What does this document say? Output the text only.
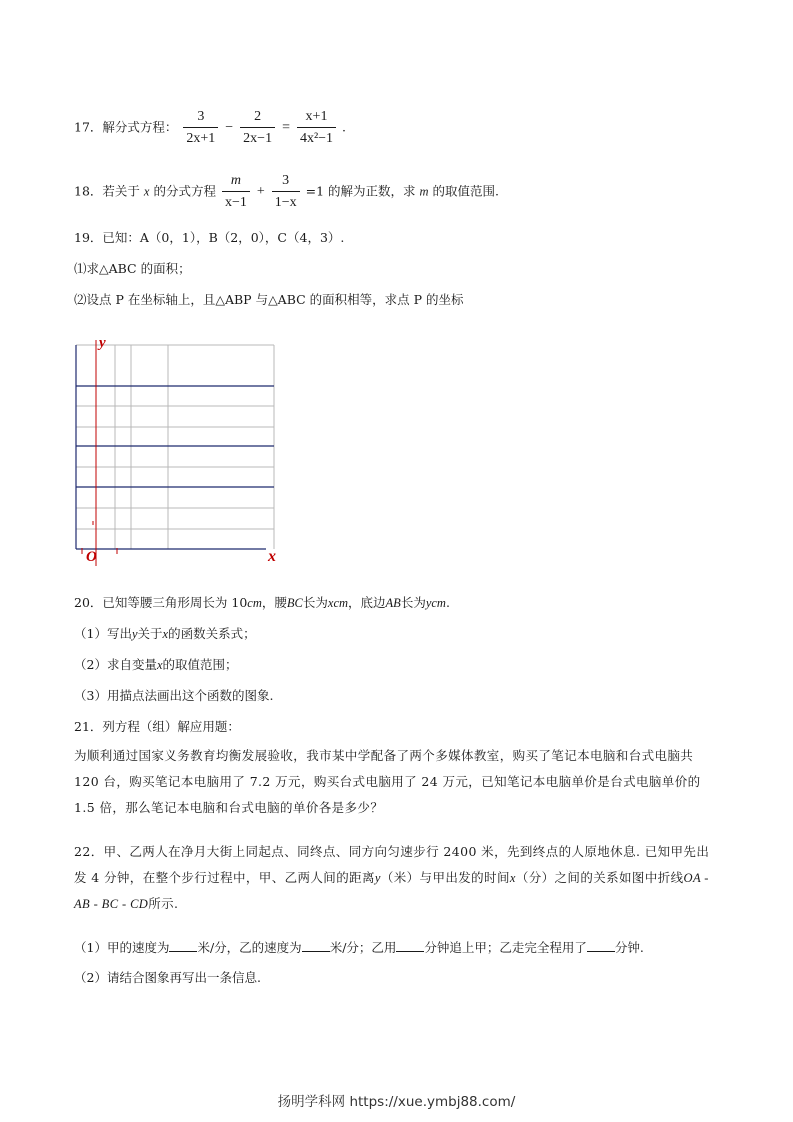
17．解分式方程： $\frac{3}{2x+1} - \frac{2}{2x-1} = \frac{x+1}{\text{4x²−1}}$ .
18．若关于 x 的分式方程 $\frac{m}{x-1} + \frac{3}{1-x} =1$ 的解为正数，求 m 的取值范围.
19．已知：A（0，1），B（2，0），C（4，3）.
⑴求△ABC 的面积；
⑵设点 P 在坐标轴上，且△ABP 与△ABC 的面积相等，求点 P 的坐标
y
x
O
20．已知等腰三角形周长为 10cm，腰BC长为xcm，底边AB长为ycm.
（1）写出y关于x的函数关系式；
（2）求自变量x的取值范围；
（3）用描点法画出这个函数的图象.
21．列方程（组）解应用题：
为顺利通过国家义务教育均衡发展验收，我市某中学配备了两个多媒体教室，购买了笔记本电脑和台式电脑共 120 台，购买笔记本电脑用了 7.2 万元，购买台式电脑用了 24 万元，已知笔记本电脑单价是台式电脑单价的 1.5 倍，那么笔记本电脑和台式电脑的单价各是多少？
22．甲、乙两人在净月大街上同起点、同终点、同方向匀速步行 2400 米，先到终点的人原地休息. 已知甲先出发 4 分钟，在整个步行过程中，甲、乙两人间的距离y（米）与甲出发的时间x（分）之间的关系如图中折线OA - AB - BC - CD所示.
（1）甲的速度为 米/分，乙的速度为 米/分；乙用 分钟追上甲；乙走完全程用了 分钟.
（2）请结合图象再写出一条信息.
扬明学科网 https://xue.ymbj88.com/
